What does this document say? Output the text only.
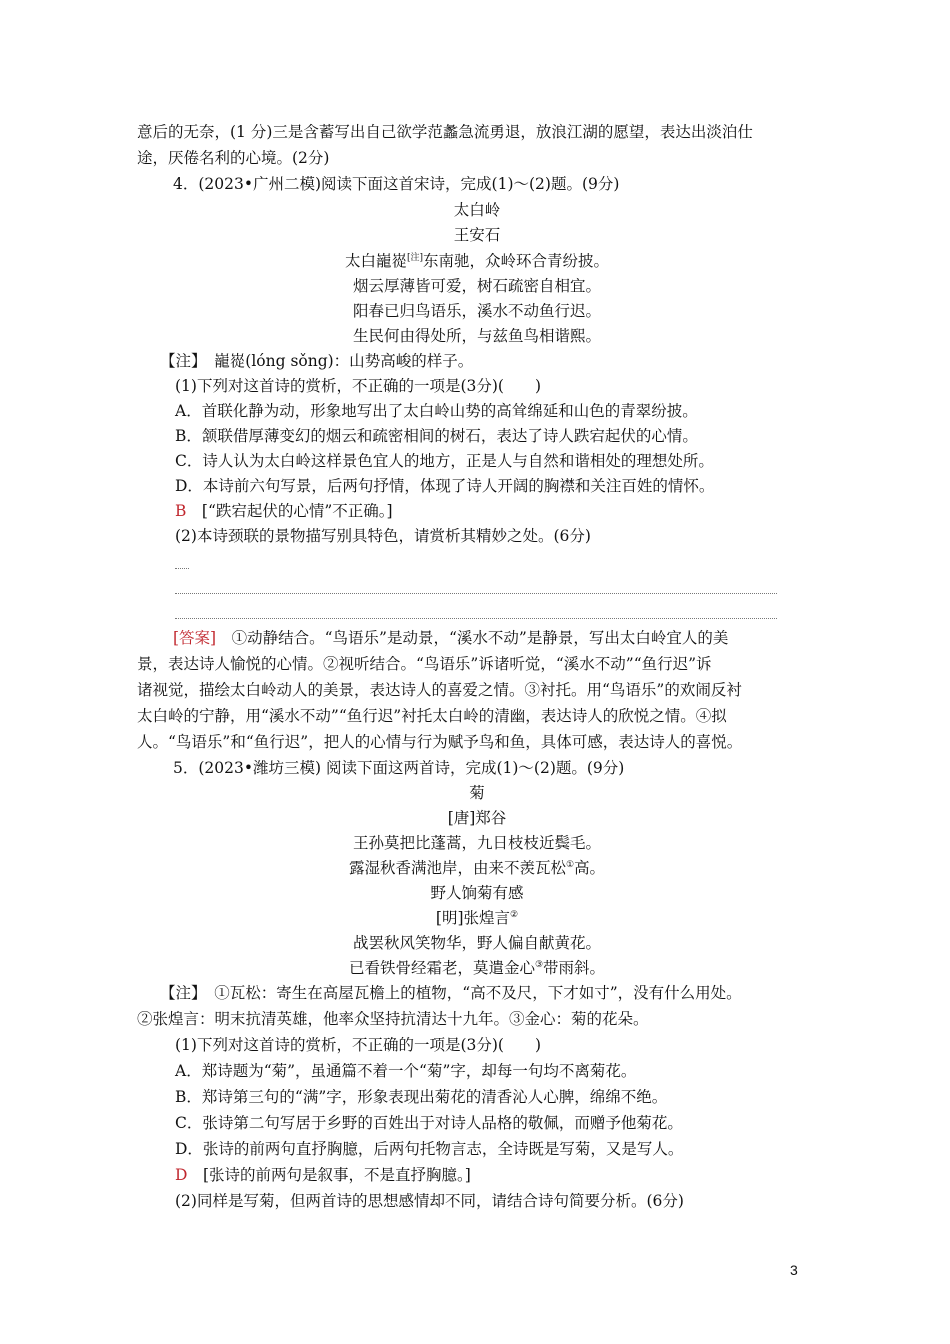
意后的无奈，(1 分)三是含蓄写出自己欲学范蠡急流勇退，放浪江湖的愿望，表达出淡泊仕
途，厌倦名利的心境。(2分)
4．(2023•广州二模)阅读下面这首宋诗，完成(1)～(2)题。(9分)
太白岭
王安石
太白巃嵸[注]东南驰，众岭环合青纷披。
烟云厚薄皆可爱，树石疏密自相宜。
阳春已归鸟语乐，溪水不动鱼行迟。
生民何由得处所，与兹鱼鸟相谐熙。
【注】　 巃嵸(lóng sǒng)：山势高峻的样子。
(1)下列对这首诗的赏析，不正确的一项是(3分)(　　)
A．首联化静为动，形象地写出了太白岭山势的高耸绵延和山色的青翠纷披。
B．颔联借厚薄变幻的烟云和疏密相间的树石，表达了诗人跌宕起伏的心情。
C．诗人认为太白岭这样景色宜人的地方，正是人与自然和谐相处的理想处所。
D．本诗前六句写景，后两句抒情，体现了诗人开阔的胸襟和关注百姓的情怀。
B　 [“跌宕起伏的心情”不正确。]
(2)本诗颈联的景物描写别具特色，请赏析其精妙之处。(6分)
[答案]　 ①动静结合。“鸟语乐”是动景，“溪水不动”是静景，写出太白岭宜人的美
景，表达诗人愉悦的心情。②视听结合。“鸟语乐”诉诸听觉，“溪水不动”“鱼行迟”诉
诸视觉，描绘太白岭动人的美景，表达诗人的喜爱之情。③衬托。用“鸟语乐”的欢闹反衬
太白岭的宁静，用“溪水不动”“鱼行迟”衬托太白岭的清幽，表达诗人的欣悦之情。④拟
人。“鸟语乐”和“鱼行迟”，把人的心情与行为赋予鸟和鱼，具体可感，表达诗人的喜悦。
5．(2023•潍坊三模) 阅读下面这两首诗，完成(1)～(2)题。(9分)
菊
[唐]郑谷
王孙莫把比蓬蒿，九日枝枝近鬓毛。
露湿秋香满池岸，由来不羡瓦松①高。
野人饷菊有感
[明]张煌言②
战罢秋风笑物华，野人偏自献黄花。
已看铁骨经霜老，莫遣金心③带雨斜。
【注】　 ①瓦松：寄生在高屋瓦檐上的植物，“高不及尺，下才如寸”，没有什么用处。
②张煌言：明末抗清英雄，他率众坚持抗清达十九年。③金心：菊的花朵。
(1)下列对这首诗的赏析，不正确的一项是(3分)(　　)
A．郑诗题为“菊”，虽通篇不着一个“菊”字，却每一句均不离菊花。
B．郑诗第三句的“满”字，形象表现出菊花的清香沁人心脾，绵绵不绝。
C．张诗第二句写居于乡野的百姓出于对诗人品格的敬佩，而赠予他菊花。
D．张诗的前两句直抒胸臆，后两句托物言志，全诗既是写菊，又是写人。
D　 [张诗的前两句是叙事，不是直抒胸臆。]
(2)同样是写菊，但两首诗的思想感情却不同，请结合诗句简要分析。(6分)
3
